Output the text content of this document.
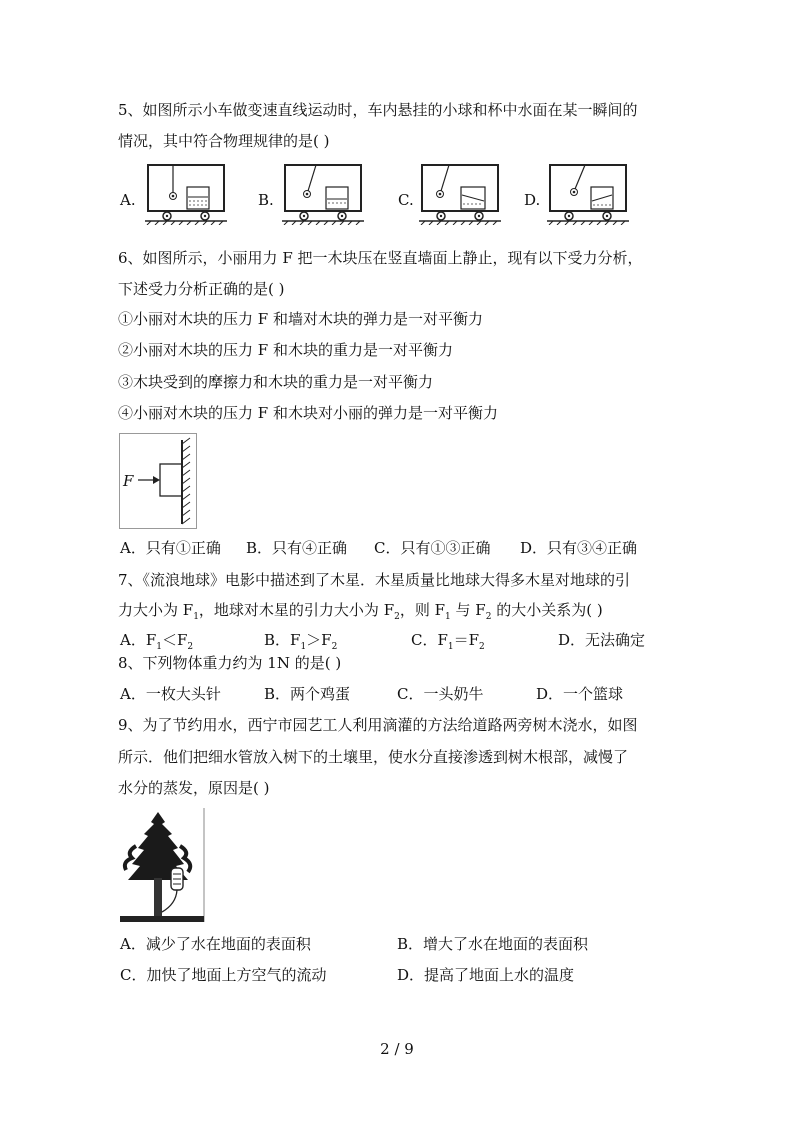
5、如图所示小车做变速直线运动时，车内悬挂的小球和杯中水面在某一瞬间的
情况，其中符合物理规律的是( )
A.	B.	C.	D.
6、如图所示，小丽用力 F 把一木块压在竖直墙面上静止，现有以下受力分析，
下述受力分析正确的是( )
①小丽对木块的压力 F 和墙对木块的弹力是一对平衡力
②小丽对木块的压力 F 和木块的重力是一对平衡力
③木块受到的摩擦力和木块的重力是一对平衡力
④小丽对木块的压力 F 和木块对小丽的弹力是一对平衡力
F
A．只有①正确 B．只有④正确 C．只有①③正确 D．只有③④正确
7、《流浪地球》电影中描述到了木星．木星质量比地球大得多木星对地球的引
力大小为 $F_1$，地球对木星的引力大小为 $F_2$，则 $F_1$ 与 $F_2$ 的大小关系为( )
A．$F_1<F_2$	B．$F_1>F_2$	C．$F_1=F_2$	D．无法确定
8、下列物体重力约为 1N 的是( )
A．一枚大头针	B．两个鸡蛋	C．一头奶牛	D．一个篮球
9、为了节约用水，西宁市园艺工人利用滴灌的方法给道路两旁树木浇水，如图
所示．他们把细水管放入树下的土壤里，使水分直接渗透到树木根部，减慢了
水分的蒸发，原因是( )
A．减少了水在地面的表面积	B．增大了水在地面的表面积
C．加快了地面上方空气的流动	D．提高了地面上水的温度
2 / 9
